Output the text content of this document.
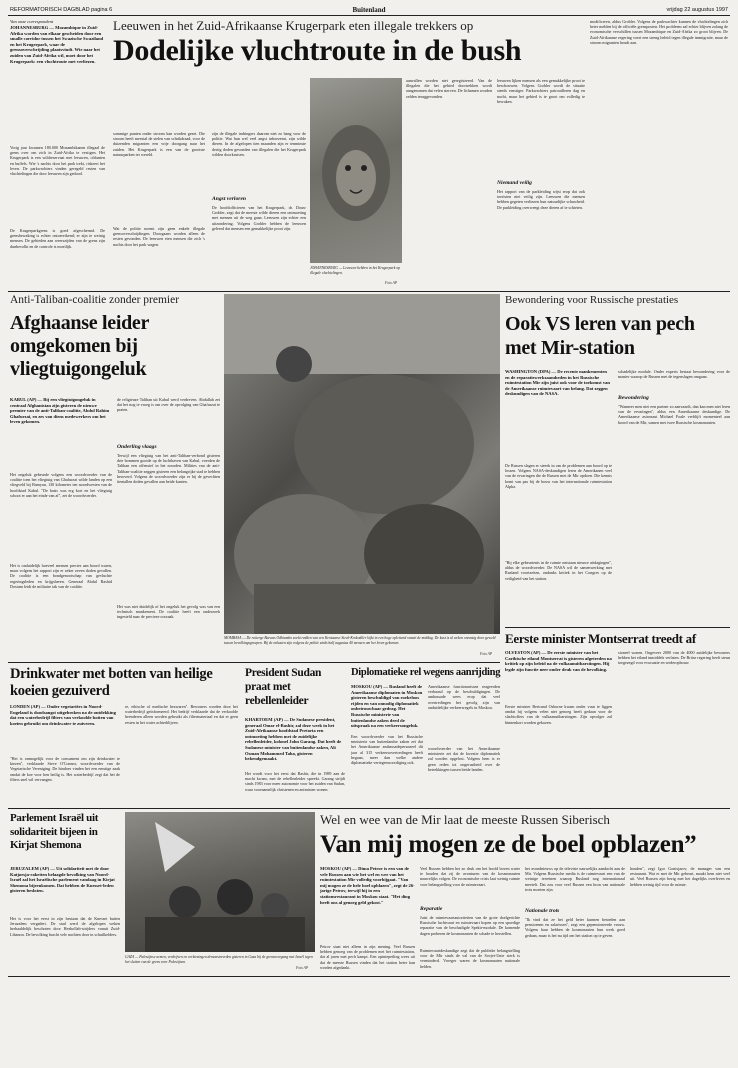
REFORMATORISCH DAGBLAD pagina 6	Buitenland	vrijdag 22 augustus 1997
Van onze correspondent
JOHANNESBURG — Mozambique in Zuid-Afrika worden van elkaar gescheiden door een smalle corridor tussen het Swazische Swaziland en het Krugerpark, waar de grensoverschrijding plaatsvindt. Wie naar het zuiden van Zuid-Afrika wil, moet door het Krugerpark: een vluchtroute met verliezen.
Vorig jaar kwamen 180.000 Mozambikanen illegaal de grens over om zich in Zuid-Afrika te vestigen. Het Krugerpark is een wildreservaat met leeuwen, olifanten en buffels. Wie 's nachts door het park trekt, riskeert het leven. De parkwachters vinden geregeld resten van vluchtelingen die door leeuwen zijn gedood.
De Krugerparkgrens is goed afgeschermd. De grensbewaking is echter ontoereikend; er zijn te weinig mensen. De gebieden aan weerszijden van de grens zijn dunbevolkt en de controle is moeilijk.
Leeuwen in het Zuid-Afrikaanse Krugerpark eten illegale trekkers op
Dodelijke vluchtroute in de bush
sommige punten onder stroom kan worden gezet. Die stroom heeft meestal de stelen van schrikdraad, voor de duizenden migranten een vrije doorgang naar het zuiden. Het Krugerpark is een van de grootste natuurparken ter wereld.
Wat de politie noemt zijn geen enkele illegale grensoverschrijdingen. Doorgaans worden alleen de resten gevonden. De leeuwen eten mensen die zich 's nachts door het park wagen.
zijn de illegale indringers daarom niet zo bang voor de politie. Wat hun wel veel angst inboezemt, zijn wilde dieren. In de afgelopen tien maanden zijn er tenminste dertig doden gevonden van illegalen die het Krugerpark wilden doorkruisen.
Angst verloren
De hoofdofficieren van het Krugerpark, dr. Douw Grobler, zegt dat de meeste wilde dieren een ontmoeting met mensen uit de weg gaan. Leeuwen zijn echter een uitzondering. Volgens Grobler hebben de leeuwen geleerd dat mensen een gemakkelijke prooi zijn.
JOHANNESBURG — Leeuwen hebben in het Krugerpark op illegale vluchtelingen.
Foto AP
aanvallen worden niet geregistreerd. Van de illegalen die het gebied doortrekken wordt aangenomen dat velen sterven. De lichamen worden zelden teruggevonden.
leeuwen lijken mensen als een gemakkelijke prooi te beschouwen. Volgens Grobler wordt de situatie steeds ernstiger. Parkwachters patrouilleren dag en nacht, maar het gebied is te groot om volledig te bewaken.
Niemand veilig
Het rapport van de parkleiding wijst erop dat ook toeristen niet veilig zijn. Leeuwen die mensen hebben gegeten verliezen hun natuurlijke schuwheid. De parkleiding overweegt deze dieren af te schieten.
modificeren, aldus Grobler. Volgens de parkwachter kunnen de vluchtelingen zich beter melden bij de officiële grensposten. Het probleem zal echter blijven zolang de economische verschillen tussen Mozambique en Zuid-Afrika zo groot blijven. De Zuid-Afrikaanse regering voert een streng beleid tegen illegale immigratie, maar de stroom migranten houdt aan.
Anti-Taliban-coalitie zonder premier
Afghaanse leider omgekomen bij vliegtuigongeluk
KABUL (AP) — Bij een vliegtuigongeluk in centraal Afghanistan zijn gisteren de nieuwe premier van de anti-Taliban-coalitie, Abdul Rahim Ghafurzai, en zes van diens medewerkers om het leven gekomen.
Het ongeluk gebeurde volgens een woordvoerder van de coalitie toen het vliegtuig van Ghafurzai wilde landen op een vliegveld bij Bamyan, 130 kilometer ten noordwesten van de hoofdstad Kabul. "De basis was erg kort en het vliegtuig schoot er aan het einde van af", zei de woordvoerder.
Het is onduidelijk hoeveel mensen precies aan boord waren, maar volgens het rapport zijn er zeker zeven doden gevallen. De coalitie is een bondgenootschap van gevluchte regeringsleden en krijgsheren. Generaal Abdul Rashid Dostum leidt de militaire tak van de coalitie.
de religieuze Taliban uit Kabul werd verdreven. Abdullah zei dat het nog te vroeg is om over de opvolging van Ghafurzai te praten.
Onderling vlaags
Terwijl een vliegtuig van het anti-Taliban-verbond gisteren drie bommen gooide op de luchthaven van Kabul, voerden de Taliban een offensief in het noorden. Milities van de anti-Taliban-coalitie zeggen gisteren een belangrijke stad te hebben heroverd. Volgens de woordvoerder zijn er bij de gevechten tientallen doden gevallen aan beide kanten.
Het was niet duidelijk of het ongeluk het gevolg was van een technisch mankement. De coalitie heeft een onderzoek ingesteld naar de precieze oorzaak.
MOMBASA — De ruiterge Barwas Odhiambo zoekt redden van een Keniaanse Steek-Krokodiler kijkt in een hoge oplettend vanuit de middag. De kust is al weken onrustig door geweld tussen bevolkingsgroepen. Bij de onlusten zijn volgens de politie sinds half augustus 40 mensen om het leven gekomen.
Foto AP
Bewondering voor Russische prestaties
Ook VS leren van pech met Mir-station
WASHINGTON (DPA) — De recente mankementen en de reparatiewerkzaamheden in het Russische ruimtestation Mir zijn juist ook voor de toekomst van de Amerikaanse ruimtevaart van belang. Dat zeggen deskundigen van de NASA.
De Russen slagen er steeds in om de problemen aan boord op te lossen. Volgens NASA-deskundigen leren de Amerikanen veel van de ervaringen die de Russen met de Mir opdoen. Die kennis komt van pas bij de bouw van het internationale ruimtestation Alpha.
"Bij elke gebeurtenis in de ruimte ontstaan nieuwe uitdagingen", aldus de woordvoerder. De NASA wil de samenwerking met Rusland voortzetten, ondanks kritiek in het Congres op de veiligheid van het station.
schadelijke module. Onder experts bestaat bewondering voor de manier waarop de Russen met de tegenslagen omgaan.
Bewondering
"Wanneer men niet een partner zo aanvaardt, dan kan men niet leren van de ervaringen", aldus een Amerikaanse deskundige. De Amerikaanse astronaut Michael Foale verblijft momenteel aan boord van de Mir, samen met twee Russische kosmonauten.
Eerste minister Montserrat treedt af
OLVESTON (AP) — De eerste minister van het Caribische eiland Montserrat is gisteren afgetreden na kritiek op zijn beleid na de vulkaanuitbarstingen. Hij legde zijn functie neer onder druk van de bevolking.
Eerste minister Bertrand Osborne kwam onder vuur te liggen omdat hij volgens velen niet genoeg heeft gedaan voor de slachtoffers van de vulkaanuitbarstingen. Zijn opvolger zal binnenkort worden gekozen.
sioneel wonen. Ongeveer 2000 van de 4000 zuidelijke bewoners hebben het eiland inmiddels verlaten. De Britse regering heeft steun toegezegd voor evacuatie en wederopbouw.
Drinkwater met botten van heilige koeien gezuiverd
LONDEN (AP) — Onder vegetariërs in Noord-Engeland is doodsangst uitgebroken na de ontdekking dat een waterbedrijf filters van verkoolde botten van koeien gebruikt om drinkwater te zuiveren.
"Het is onmogelijk voor de consument om zijn drinkwater te kiezen", verklaarde Steve O'Connor, woordvoerder van de Vegetarische Vereniging. De hindoes vinden het een ernstige zaak omdat de koe voor hen heilig is. Het waterbedrijf zegt dat het de filters snel wil vervangen.
re, ethische of medische bezwaren". Bewoners worden door het waterbedrijf geïnformeerd. Het bedrijf verklaarde dat de verkoolde beenderen alleen worden gebruikt als filtermateriaal en dat er geen resten in het water achterblijven.
President Sudan praat met rebellenleider
KHARTOEM (AP) — De Sudanese president, generaal Omar el-Bashir, zal deze week in het Zuid-Afrikaanse hoofdstad Pretoria een ontmoeting hebben met de zuidelijke rebellenleider, kolonel John Garang. Dat heeft de Sudanese minister van buitenlandse zaken, Ali Osman Mohammed Taha, gisteren bekendgemaakt.
Het wordt voor het eerst dat Bashir, die in 1989 aan de macht kwam, met de rebellenleider spreekt. Garang strijdt sinds 1983 voor meer autonomie voor het zuiden van Sudan, waar voornamelijk christenen en animisten wonen.
Diplomatieke rel wegens aanrijding
MOSKOU (AP) — Rusland heeft de Amerikaanse diplomaten in Moskou gisteren beschuldigd van roekeloos rijden en van onnodig diplomatiek onbetrouwbaar gedrag. Het Russische ministerie van buitenlandse zaken deed de uitspraak na een verkeersongeluk.
Een woordvoerder van het Russische ministerie van buitenlandse zaken zei dat het Amerikaanse ambassadepersoneel dit jaar al 315 verkeersovertredingen heeft begaan, meer dan welke andere diplomatieke vertegenwoordiging ook.
Amerikaanse functionarissen reageerden verbaasd op de beschuldigingen. De ambassade wees erop dat veel overtredingen het gevolg zijn van onduidelijke verkeersregels in Moskou.
woordvoerder van het Amerikaanse ministerie zei dat de kwestie diplomatiek zal worden opgelost. Volgens hem is er geen reden tot ongerustheid over de betrekkingen tussen beide landen.
Parlement Israël uit solidariteit bijeen in Kirjat Shemona
JERUZALEM (AP) — Uit solidariteit met de door Katjoesja-raketten belaagde bevolking van Noord-Israël zal het Israëlische parlement vandaag in Kirjat Shemona bijeenkomen. Dat hebben de Knesset-leden gisteren besloten.
Het is voor het eerst in zijn bestaan dat de Knesset buiten Jeruzalem vergadert. De stad werd de afgelopen weken herhaaldelijk beschoten door Hezbollah-strijders vanuit Zuid-Libanon. De bevolking bracht vele nachten door in schuilkelders.
GAZA — Palestijnse armen, verdrijven en verkiezingen demonstreerden gisteren in Gaza bij de grensovergang met Israël tegen het sluiten van de grens voor Palestijnen.
Foto AP
Wel en wee van de Mir laat de meeste Russen Siberisch
Van mij mogen ze de boel opblazen”
MOSKOU (AP) — Dima Petrov is een van de vele Russen aan wie het wel en wee van het ruimtestation Mir volledig voorbijgaat. "Van mij mogen ze de hele boel opblazen", zegt de 26-jarige Petrov, terwijl hij in een stationsrestaurant in Moskou staat. "Het ding heeft ons al genoeg geld gekost."
Petrov staat niet alleen in zijn mening. Veel Russen hebben genoeg van de problemen met het ruimtestation, dat al jaren met pech kampt. Een opiniepeiling wees uit dat de meeste Russen vinden dat het station beter kan worden afgedankt.
Veel Russen hebben het zo druk om het hoofd boven water te houden dat zij de avonturen van de kosmonauten nauwelijks volgen. De economische crisis laat weinig ruimte voor belangstelling voor de ruimtevaart.
Reparatie
Juist de ruimtevaartautoriteiten van de grote doelgerichte Russische luchtvaart en ruimtevaart hopen op een spoedige reparatie van de beschadigde Spektr-module. De komende dagen proberen de kosmonauten de schade te herstellen.
Ruimtevaartdeskundige zegt dat de publieke belangstelling voor de Mir sinds de val van de Sovjet-Unie sterk is verminderd. Vroeger waren de kosmonauten nationale helden.
het avondnieuws op de televisie nauwelijks aandacht aan de Mir. Volgens Russische media is de ruimtevaart een van de weinige terreinen waarop Rusland nog internationaal meetelt. Dat zou voor veel Russen een bron van nationale trots moeten zijn.
Nationale trots
"Ik vind dat ze het geld beter kunnen besteden aan pensioenen en salarissen", zegt een gepensioneerde vrouw. Volgens haar hebben de kosmonauten hun werk goed gedaan, maar is het nu tijd om het station op te geven.
houden", zegt Igor Gontsjarov, de manager van een restaurant. Wat er met de Mir gebeurt, maakt hem niet veel uit. Veel Russen zijn bezig met het dagelijks overleven en hebben weinig tijd voor de ruimte.
